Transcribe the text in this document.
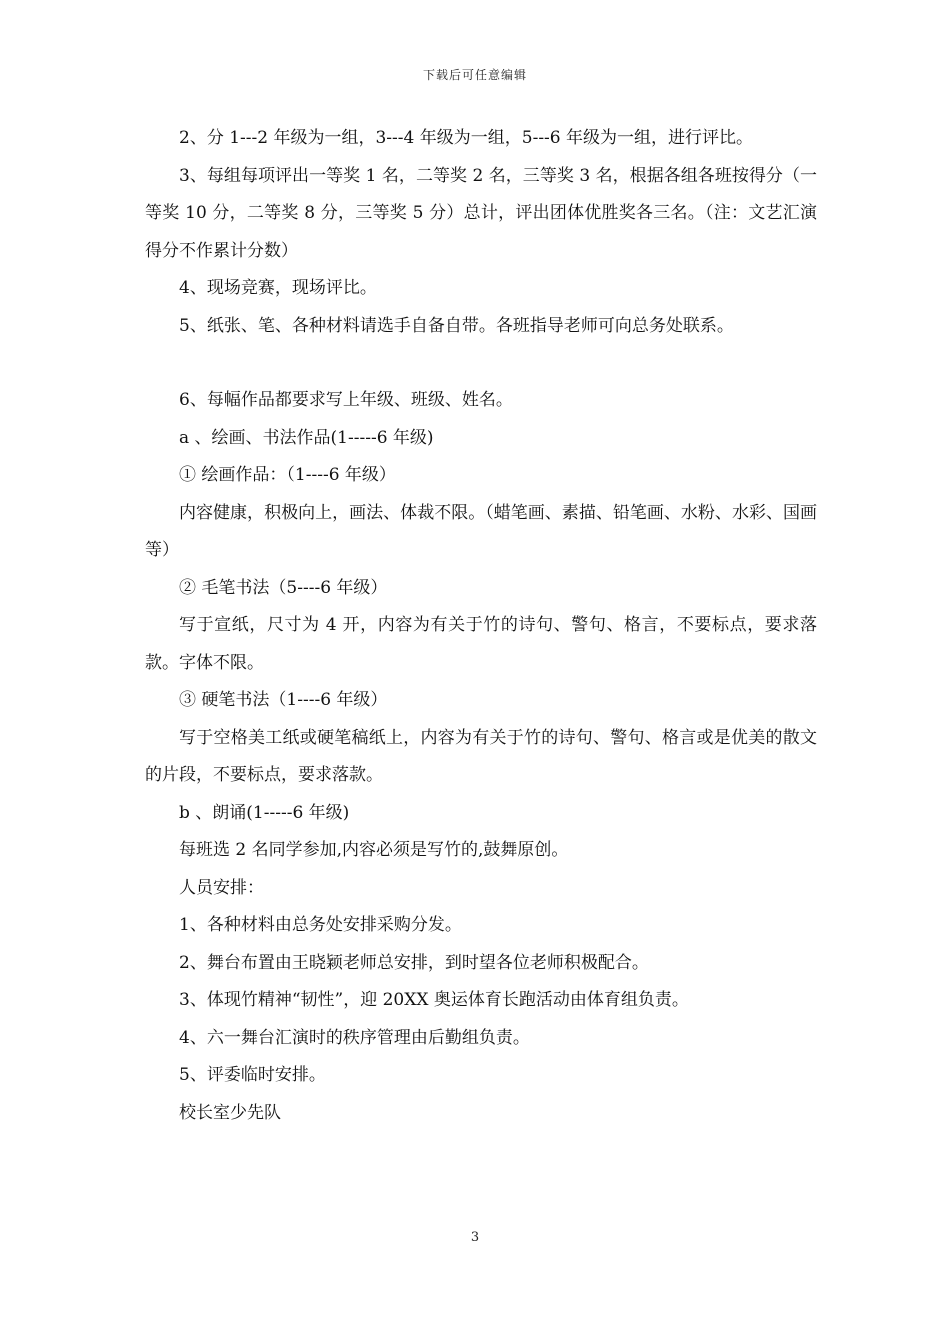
下载后可任意编辑

2、分 1---2 年级为一组，3---4 年级为一组，5---6 年级为一组，进行评比。

3、每组每项评出一等奖 1 名，二等奖 2 名，三等奖 3 名，根据各组各班按得分（一等奖 10 分，二等奖 8 分，三等奖 5 分）总计，评出团体优胜奖各三名。（注：文艺汇演得分不作累计分数）

4、现场竞赛，现场评比。

5、纸张、笔、各种材料请选手自备自带。各班指导老师可向总务处联系。

6、每幅作品都要求写上年级、班级、姓名。

a 、绘画、书法作品(1-----6 年级)

① 绘画作品：（1----6 年级）

内容健康，积极向上，画法、体裁不限。（蜡笔画、素描、铅笔画、水粉、水彩、国画等）

② 毛笔书法（5----6 年级）

写于宣纸，尺寸为 4 开，内容为有关于竹的诗句、警句、格言，不要标点，要求落款。字体不限。

③ 硬笔书法（1----6 年级）

写于空格美工纸或硬笔稿纸上，内容为有关于竹的诗句、警句、格言或是优美的散文的片段，不要标点，要求落款。

b 、朗诵(1-----6 年级)

每班选 2 名同学参加,内容必须是写竹的,鼓舞原创。

人员安排：

1、各种材料由总务处安排采购分发。

2、舞台布置由王晓颖老师总安排，到时望各位老师积极配合。

3、体现竹精神“韧性”，迎 20XX 奥运体育长跑活动由体育组负责。

4、六一舞台汇演时的秩序管理由后勤组负责。

5、评委临时安排。

校长室少先队

3
